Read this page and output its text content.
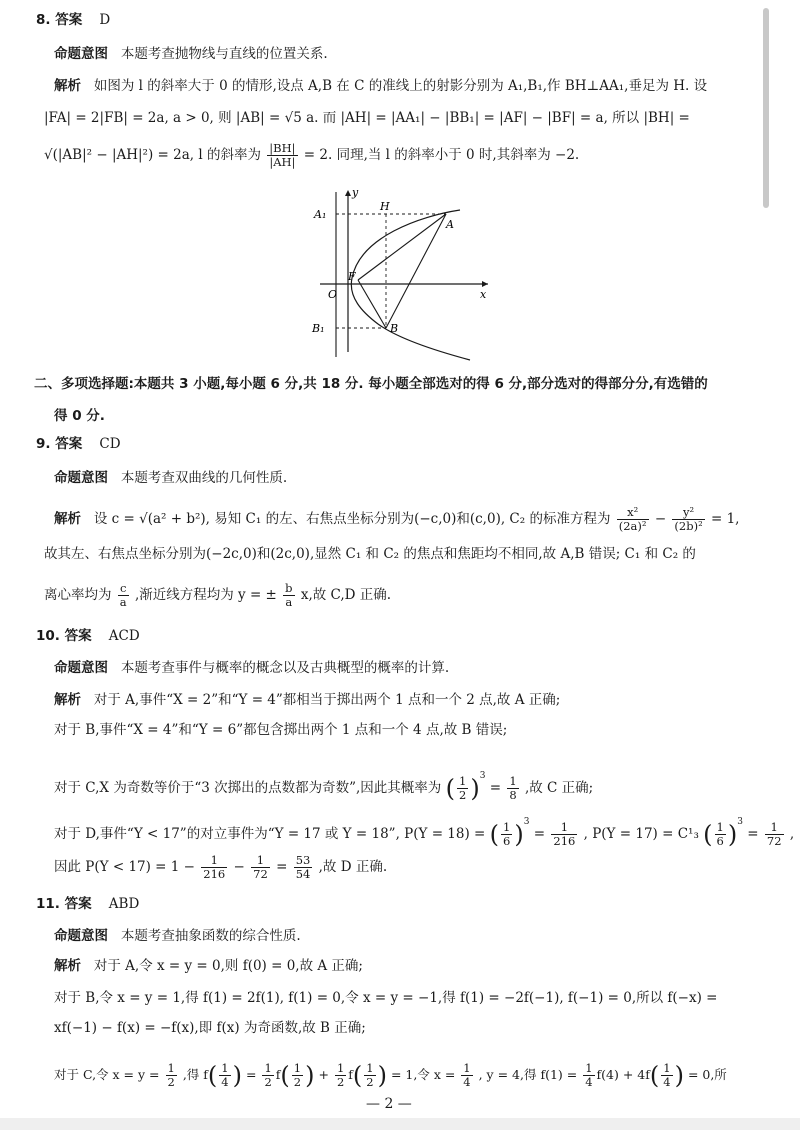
8. 答案 D
命题意图 本题考查抛物线与直线的位置关系.
解析 如图为 l 的斜率大于 0 的情形,设点 A,B 在 C 的准线上的射影分别为 A₁,B₁,作 BH⊥AA₁,垂足为 H. 设
|FA| = 2|FB| = 2a, a > 0, 则 |AB| = √5 a. 而 |AH| = |AA₁| − |BB₁| = |AF| − |BF| = a, 所以 |BH| =
√(|AB|² − |AH|²) = 2a, l 的斜率为 $\frac{|BH|}{|AH|} = 2$. 同理,当 l 的斜率小于 0 时,其斜率为 −2.
y
x
A₁
H
A
F
O
B₁	B
二、多项选择题:本题共 3 小题,每小题 6 分,共 18 分. 每小题全部选对的得 6 分,部分选对的得部分分,有选错的
得 0 分.
9. 答案 CD
命题意图 本题考查双曲线的几何性质.
解析 设 c = √(a² + b²), 易知 C₁ 的左、右焦点坐标分别为(−c,0)和(c,0), C₂ 的标准方程为 $\frac{\text{x²}}{\text{(2a)²}} - \frac{\text{y²}}{\text{(2b)²}} = 1$,
故其左、右焦点坐标分别为(−2c,0)和(2c,0),显然 C₁ 和 C₂ 的焦点和焦距均不相同,故 A,B 错误; C₁ 和 C₂ 的
离心率均为 $\frac{c}{a}$ ,渐近线方程均为 y = ± $\frac{b}{a} x$,故 C,D 正确.
10. 答案 ACD
命题意图 本题考查事件与概率的概念以及古典概型的概率的计算.
解析 对于 A,事件“X = 2”和“Y = 4”都相当于掷出两个 1 点和一个 2 点,故 A 正确;
对于 B,事件“X = 4”和“Y = 6”都包含掷出两个 1 点和一个 4 点,故 B 错误;
对于 C,X 为奇数等价于“3 次掷出的点数都为奇数”,因此其概率为 ( $\frac{1}{2} )^3 = \frac{1}{8}$ ,故 C 正确;
对于 D,事件“Y < 17”的对立事件为“Y = 17 或 Y = 18”, P(Y = 18) = ( $\frac{1}{6} )^3 = \frac{1}{216}$ , P(Y = 17) = C¹₃ ( $\frac{1}{6} )^3 = \frac{1}{72}$ ,
因此 $P(Y < 17) = 1 - \frac{1}{216} - \frac{1}{72} = \frac{53}{54}$ ,故 D 正确.
11. 答案 ABD
命题意图 本题考查抽象函数的综合性质.
解析 对于 A,令 x = y = 0,则 f(0) = 0,故 A 正确;
对于 B,令 x = y = 1,得 f(1) = 2f(1), f(1) = 0,令 x = y = −1,得 f(1) = −2f(−1), f(−1) = 0,所以 f(−x) =
xf(−1) − f(x) = −f(x),即 f(x) 为奇函数,故 B 正确;
对于 C,令 $x = y = \frac{1}{2}$ ,得 $f( \frac{1}{4}$ ) = $\frac{1}{2} f( \frac{1}{2}$ ) + $\frac{1}{2} f( \frac{1}{2}$ ) = 1,令 $x = \frac{1}{4}$ , y = 4,得 $f(1) = \frac{1}{4} f(4) + 4f( \frac{1}{4}$ ) = 0,所
— 2 —
